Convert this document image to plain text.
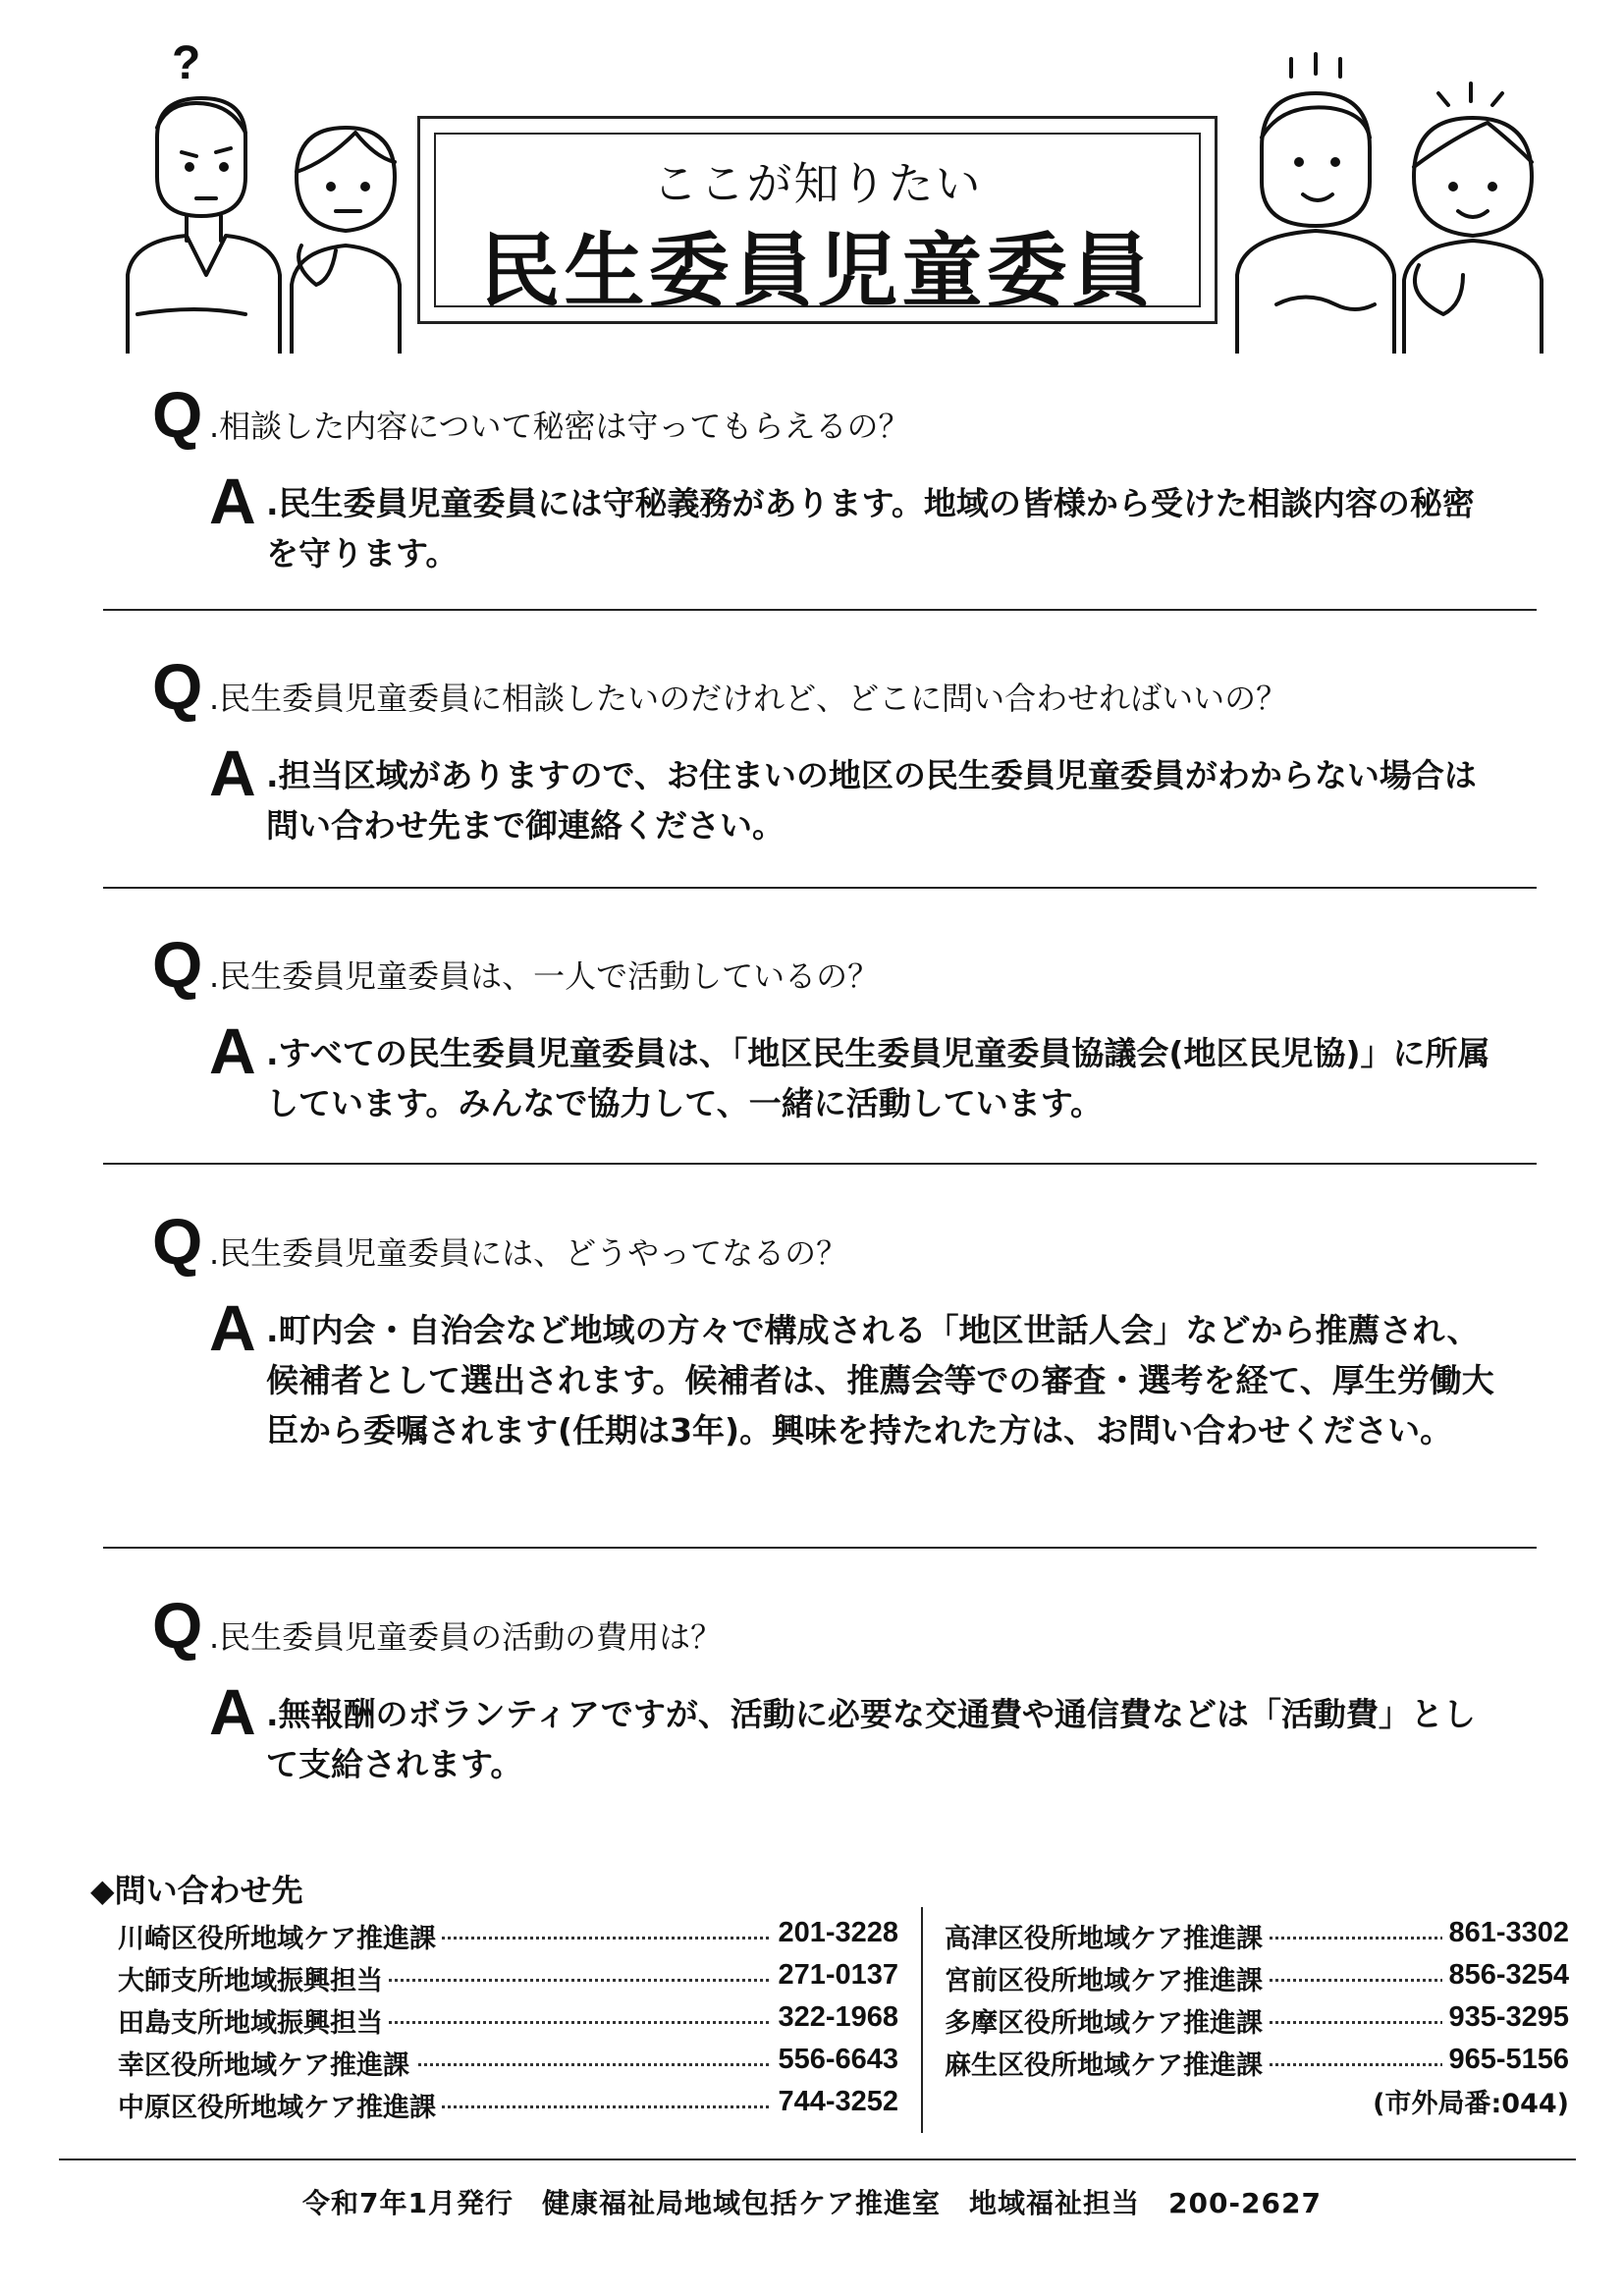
?
ここが知りたい
民生委員児童委員
Q .相談した内容について秘密は守ってもらえるの？
A .民生委員児童委員には守秘義務があります。地域の皆様から受けた相談内容の秘密を守ります。
Q .民生委員児童委員に相談したいのだけれど、どこに問い合わせればいいの？
A .担当区域がありますので、お住まいの地区の民生委員児童委員がわからない場合は問い合わせ先まで御連絡ください。
Q .民生委員児童委員は、一人で活動しているの？
A .すべての民生委員児童委員は、「地区民生委員児童委員協議会(地区民児協)」に所属しています。みんなで協力して、一緒に活動しています。
Q .民生委員児童委員には、どうやってなるの？
A .町内会・自治会など地域の方々で構成される「地区世話人会」などから推薦され、候補者として選出されます。候補者は、推薦会等での審査・選考を経て、厚生労働大臣から委嘱されます(任期は3年)。興味を持たれた方は、お問い合わせください。
Q .民生委員児童委員の活動の費用は？
A .無報酬のボランティアですが、活動に必要な交通費や通信費などは「活動費」として支給されます。
◆問い合わせ先
川崎区役所地域ケア推進課	201-3228
大師支所地域振興担当	271-0137
田島支所地域振興担当	322-1968
幸区役所地域ケア推進課	556-6643
中原区役所地域ケア推進課	744-3252
高津区役所地域ケア推進課	861-3302
宮前区役所地域ケア推進課	856-3254
多摩区役所地域ケア推進課	935-3295
麻生区役所地域ケア推進課	965-5156
(市外局番:044)
令和7年1月発行　健康福祉局地域包括ケア推進室　地域福祉担当　200-2627
